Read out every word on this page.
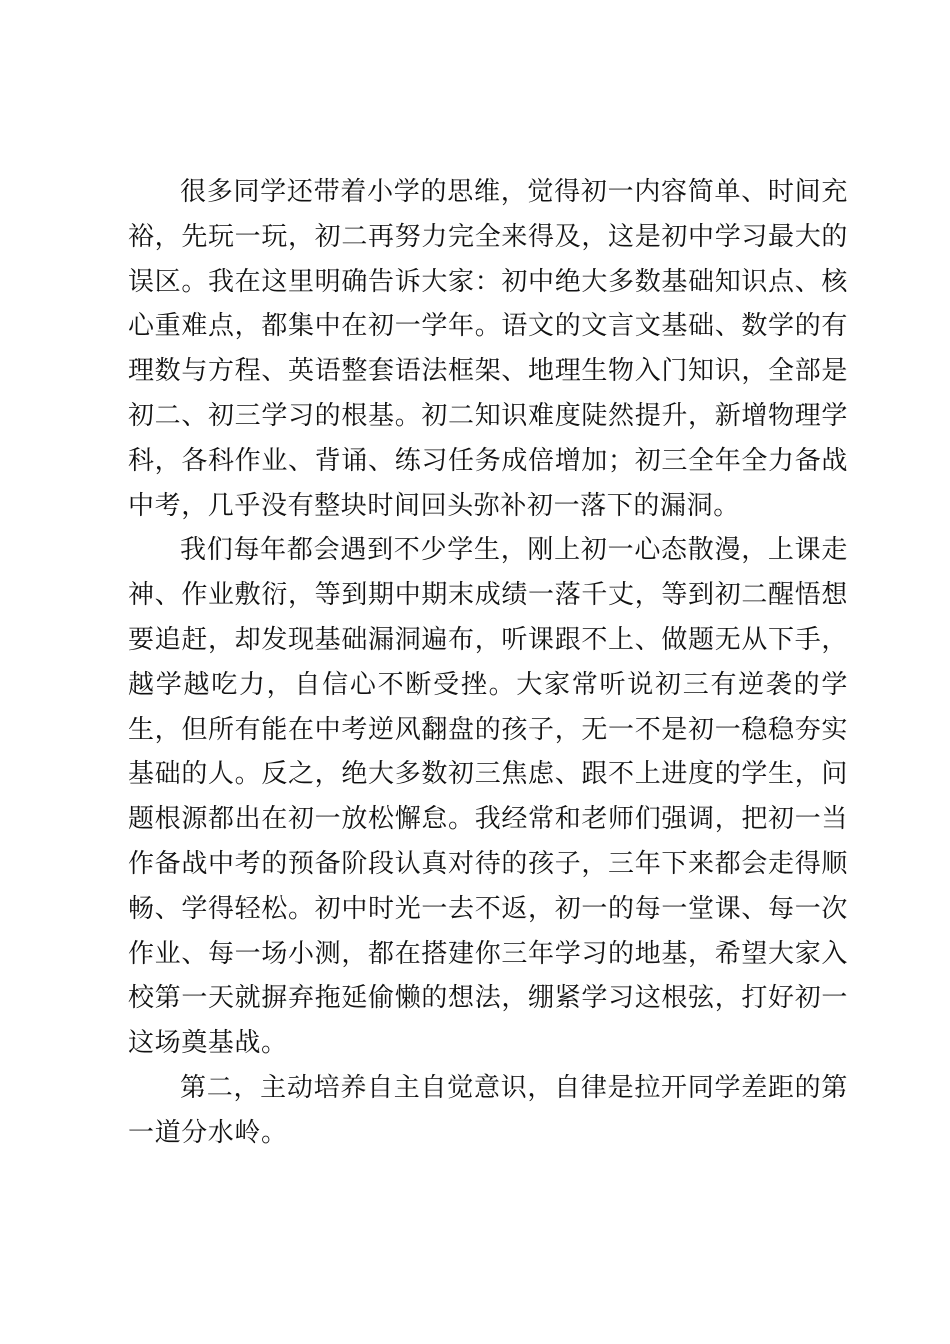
很多同学还带着小学的思维，觉得初一内容简单、时间充裕，先玩一玩，初二再努力完全来得及，这是初中学习最大的误区。我在这里明确告诉大家：初中绝大多数基础知识点、核心重难点，都集中在初一学年。语文的文言文基础、数学的有理数与方程、英语整套语法框架、地理生物入门知识，全部是初二、初三学习的根基。初二知识难度陡然提升，新增物理学科，各科作业、背诵、练习任务成倍增加；初三全年全力备战中考，几乎没有整块时间回头弥补初一落下的漏洞。

我们每年都会遇到不少学生，刚上初一心态散漫，上课走神、作业敷衍，等到期中期末成绩一落千丈，等到初二醒悟想要追赶，却发现基础漏洞遍布，听课跟不上、做题无从下手，越学越吃力，自信心不断受挫。大家常听说初三有逆袭的学生，但所有能在中考逆风翻盘的孩子，无一不是初一稳稳夯实基础的人。反之，绝大多数初三焦虑、跟不上进度的学生，问题根源都出在初一放松懈怠。我经常和老师们强调，把初一当作备战中考的预备阶段认真对待的孩子，三年下来都会走得顺畅、学得轻松。初中时光一去不返，初一的每一堂课、每一次作业、每一场小测，都在搭建你三年学习的地基，希望大家入校第一天就摒弃拖延偷懒的想法，绷紧学习这根弦，打好初一这场奠基战。

第二，主动培养自主自觉意识，自律是拉开同学差距的第一道分水岭。
